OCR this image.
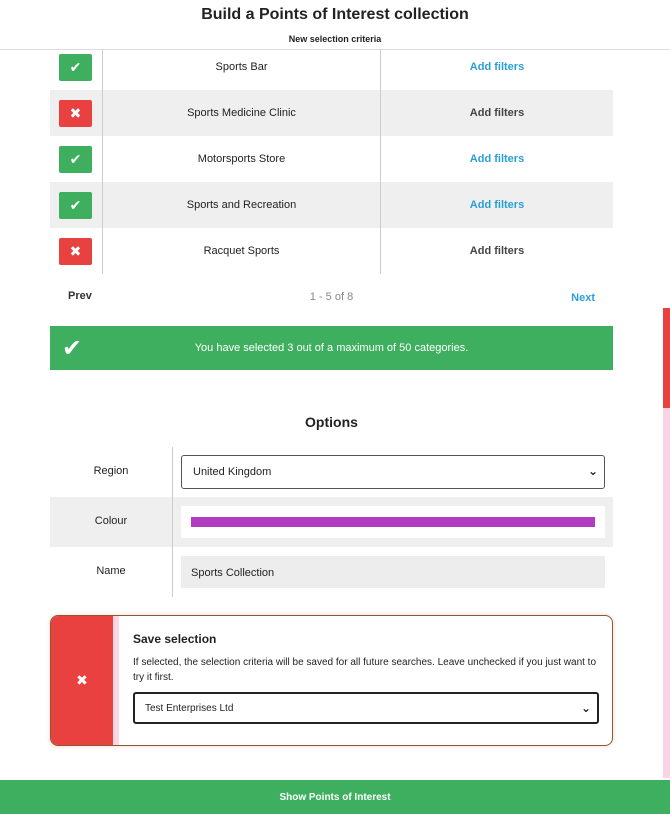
Build a Points of Interest collection
New selection criteria
✔	Sports Bar	Add filters
✖	Sports Medicine Clinic	Add filters
✔	Motorsports Store	Add filters
✔	Sports and Recreation	Add filters
✖	Racquet Sports	Add filters
Prev	1 - 5 of 8	Next
✔	You have selected 3 out of a maximum of 50 categories.
Options
Region	United Kingdom	⌄
Colour
Name	Sports Collection
✖
Save selection
If selected, the selection criteria will be saved for all future searches. Leave unchecked if you just want to try it first.
Test Enterprises Ltd	⌄
Show Points of Interest
